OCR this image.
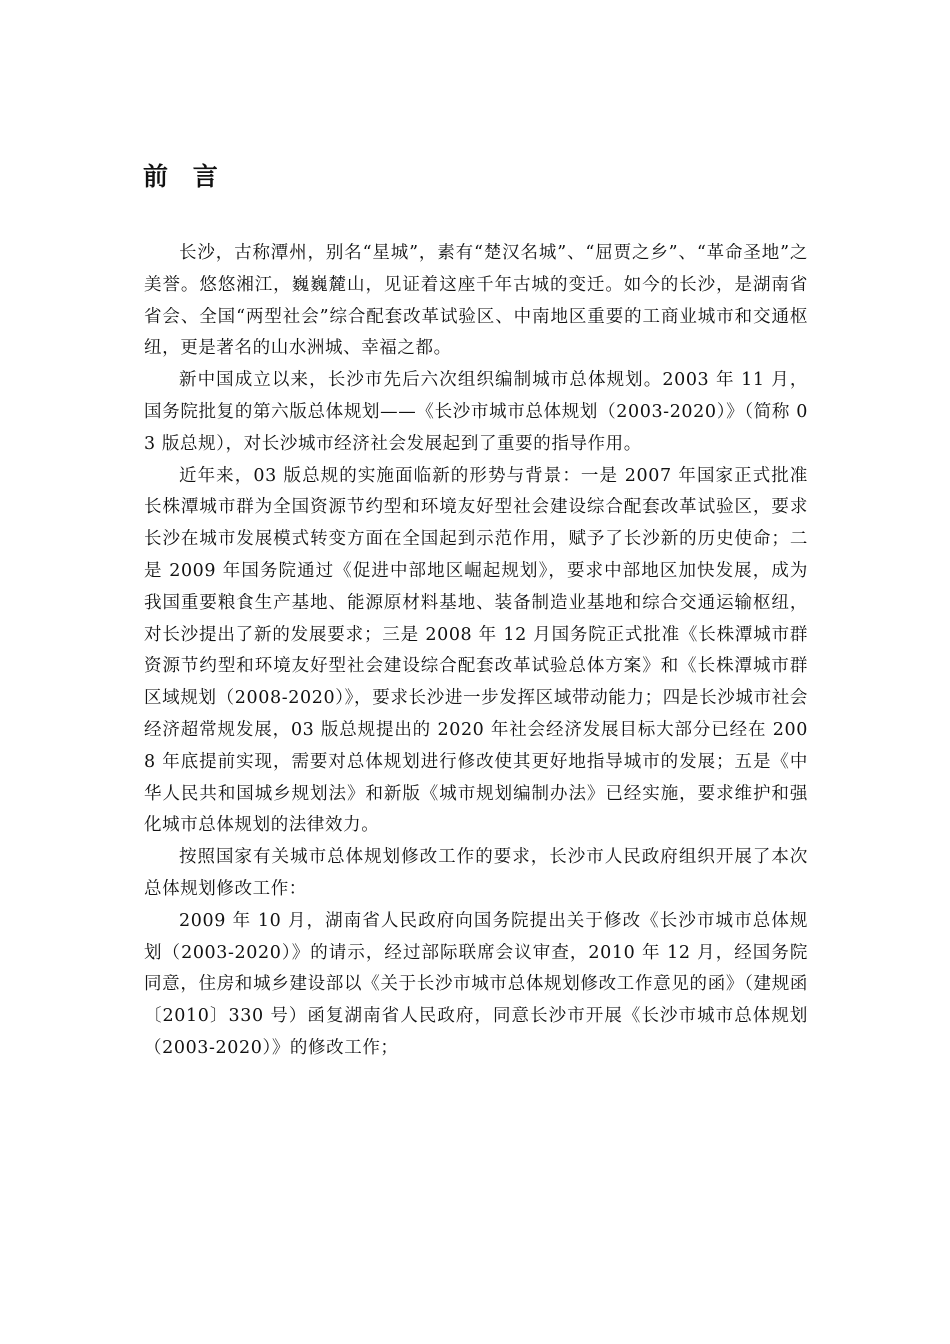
前 言

长沙，古称潭州，别名“星城”，素有“楚汉名城”、“屈贾之乡”、“革命圣地”之美誉。悠悠湘江，巍巍麓山，见证着这座千年古城的变迁。如今的长沙，是湖南省省会、全国“两型社会”综合配套改革试验区、中南地区重要的工商业城市和交通枢纽，更是著名的山水洲城、幸福之都。

新中国成立以来，长沙市先后六次组织编制城市总体规划。2003 年 11 月，国务院批复的第六版总体规划——《长沙市城市总体规划（2003-2020）》（简称 03 版总规），对长沙城市经济社会发展起到了重要的指导作用。

近年来，03 版总规的实施面临新的形势与背景：一是 2007 年国家正式批准长株潭城市群为全国资源节约型和环境友好型社会建设综合配套改革试验区，要求长沙在城市发展模式转变方面在全国起到示范作用，赋予了长沙新的历史使命；二是 2009 年国务院通过《促进中部地区崛起规划》，要求中部地区加快发展，成为我国重要粮食生产基地、能源原材料基地、装备制造业基地和综合交通运输枢纽，对长沙提出了新的发展要求；三是 2008 年 12 月国务院正式批准《长株潭城市群资源节约型和环境友好型社会建设综合配套改革试验总体方案》和《长株潭城市群区域规划（2008-2020）》，要求长沙进一步发挥区域带动能力；四是长沙城市社会经济超常规发展，03 版总规提出的 2020 年社会经济发展目标大部分已经在 2008 年底提前实现，需要对总体规划进行修改使其更好地指导城市的发展；五是《中华人民共和国城乡规划法》和新版《城市规划编制办法》已经实施，要求维护和强化城市总体规划的法律效力。

按照国家有关城市总体规划修改工作的要求，长沙市人民政府组织开展了本次总体规划修改工作：

2009 年 10 月，湖南省人民政府向国务院提出关于修改《长沙市城市总体规划（2003-2020）》的请示，经过部际联席会议审查，2010 年 12 月，经国务院同意，住房和城乡建设部以《关于长沙市城市总体规划修改工作意见的函》（建规函〔2010〕330 号）函复湖南省人民政府，同意长沙市开展《长沙市城市总体规划（2003-2020）》的修改工作；
